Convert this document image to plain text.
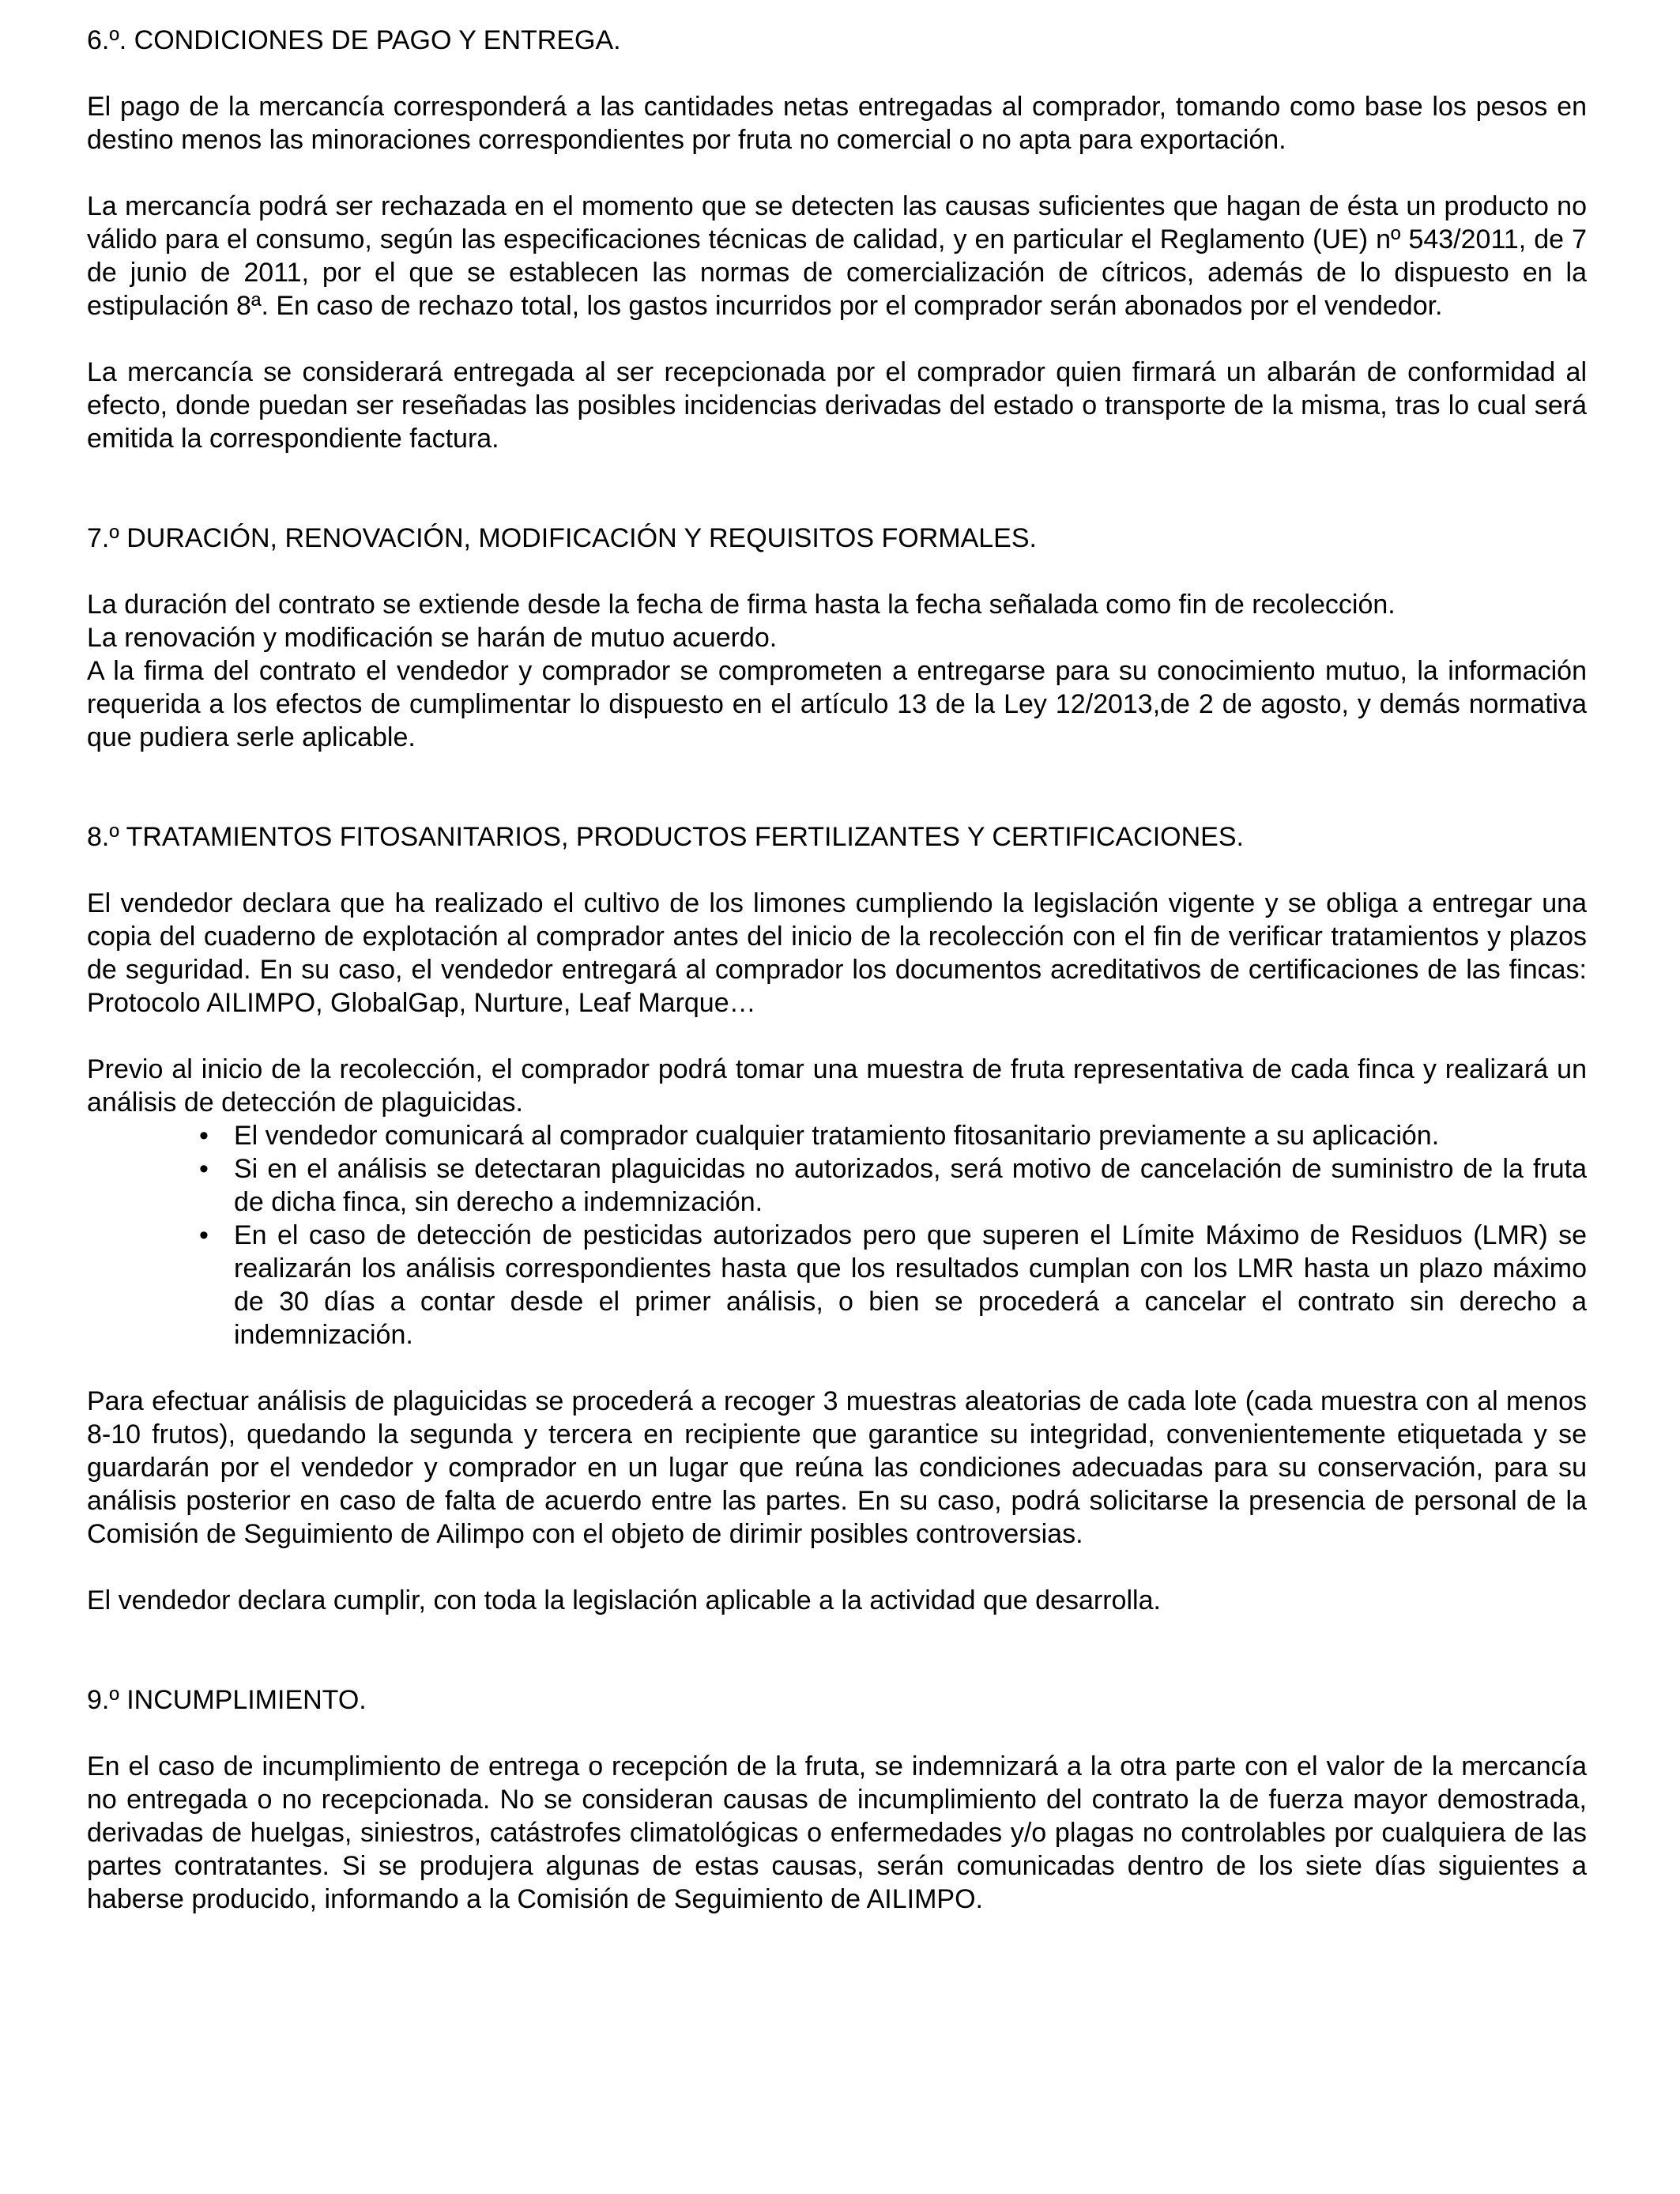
6.º. CONDICIONES DE PAGO Y ENTREGA.

El pago de la mercancía corresponderá a las cantidades netas entregadas al comprador, tomando como base los pesos en destino menos las minoraciones correspondientes por fruta no comercial o no apta para exportación.

La mercancía podrá ser rechazada en el momento que se detecten las causas suficientes que hagan de ésta un producto no válido para el consumo, según las especificaciones técnicas de calidad, y en particular el Reglamento (UE) nº 543/2011, de 7 de junio de 2011, por el que se establecen las normas de comercialización de cítricos, además de lo dispuesto en la estipulación 8ª. En caso de rechazo total, los gastos incurridos por el comprador serán abonados por el vendedor.

La mercancía se considerará entregada al ser recepcionada por el comprador quien firmará un albarán de conformidad al efecto, donde puedan ser reseñadas las posibles incidencias derivadas del estado o transporte de la misma, tras lo cual será emitida la correspondiente factura.

7.º DURACIÓN, RENOVACIÓN, MODIFICACIÓN Y REQUISITOS FORMALES.

La duración del contrato se extiende desde la fecha de firma hasta la fecha señalada como fin de recolección.

La renovación y modificación se harán de mutuo acuerdo.

A la firma del contrato el vendedor y comprador se comprometen a entregarse para su conocimiento mutuo, la información requerida a los efectos de cumplimentar lo dispuesto en el artículo 13 de la Ley 12/2013,de 2 de agosto, y demás normativa que pudiera serle aplicable.

8.º TRATAMIENTOS FITOSANITARIOS, PRODUCTOS FERTILIZANTES Y CERTIFICACIONES.

El vendedor declara que ha realizado el cultivo de los limones cumpliendo la legislación vigente y se obliga a entregar una copia del cuaderno de explotación al comprador antes del inicio de la recolección con el fin de verificar tratamientos y plazos de seguridad. En su caso, el vendedor entregará al comprador los documentos acreditativos de certificaciones de las fincas: Protocolo AILIMPO, GlobalGap, Nurture, Leaf Marque…

Previo al inicio de la recolección, el comprador podrá tomar una muestra de fruta representativa de cada finca y realizará un análisis de detección de plaguicidas.

• El vendedor comunicará al comprador cualquier tratamiento fitosanitario previamente a su aplicación.
• Si en el análisis se detectaran plaguicidas no autorizados, será motivo de cancelación de suministro de la fruta de dicha finca, sin derecho a indemnización.
• En el caso de detección de pesticidas autorizados pero que superen el Límite Máximo de Residuos (LMR) se realizarán los análisis correspondientes hasta que los resultados cumplan con los LMR hasta un plazo máximo de 30 días a contar desde el primer análisis, o bien se procederá a cancelar el contrato sin derecho a indemnización.

Para efectuar análisis de plaguicidas se procederá a recoger 3 muestras aleatorias de cada lote (cada muestra con al menos 8-10 frutos), quedando la segunda y tercera en recipiente que garantice su integridad, convenientemente etiquetada y se guardarán por el vendedor y comprador en un lugar que reúna las condiciones adecuadas para su conservación, para su análisis posterior en caso de falta de acuerdo entre las partes. En su caso, podrá solicitarse la presencia de personal de la Comisión de Seguimiento de Ailimpo con el objeto de dirimir posibles controversias.

El vendedor declara cumplir, con toda la legislación aplicable a la actividad que desarrolla.

9.º INCUMPLIMIENTO.

En el caso de incumplimiento de entrega o recepción de la fruta, se indemnizará a la otra parte con el valor de la mercancía no entregada o no recepcionada. No se consideran causas de incumplimiento del contrato la de fuerza mayor demostrada, derivadas de huelgas, siniestros, catástrofes climatológicas o enfermedades y/o plagas no controlables por cualquiera de las partes contratantes. Si se produjera algunas de estas causas, serán comunicadas dentro de los siete días siguientes a haberse producido, informando a la Comisión de Seguimiento de AILIMPO.
